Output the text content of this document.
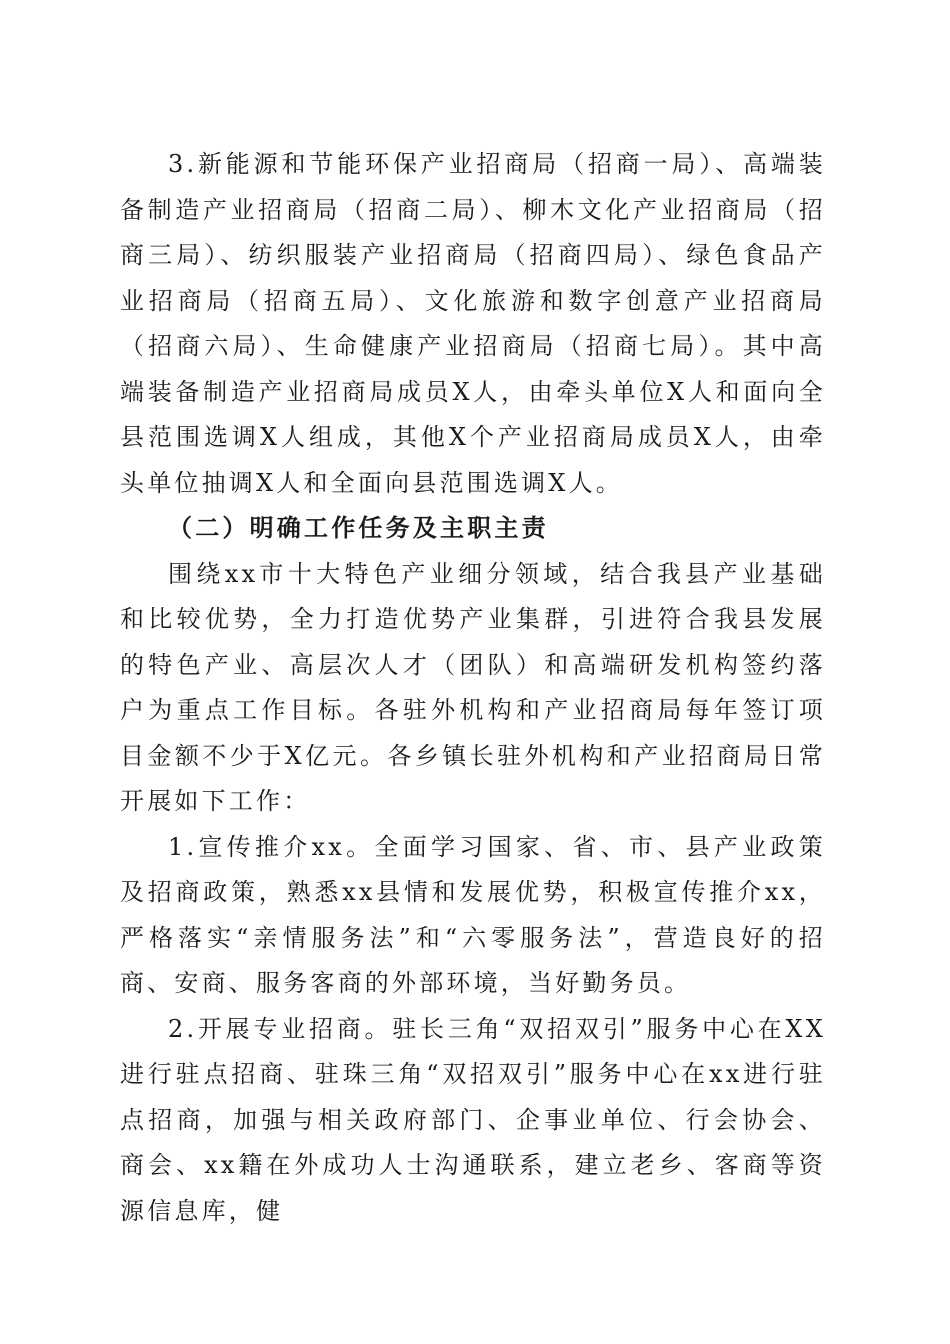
3.新能源和节能环保产业招商局（招商一局）、高端装备制造产业招商局（招商二局）、柳木文化产业招商局（招商三局）、纺织服装产业招商局（招商四局）、绿色食品产业招商局（招商五局）、文化旅游和数字创意产业招商局（招商六局）、生命健康产业招商局（招商七局）。其中高端装备制造产业招商局成员X人，由牵头单位X人和面向全县范围选调X人组成，其他X个产业招商局成员X人，由牵头单位抽调X人和全面向县范围选调X人。

（二）明确工作任务及主职主责

围绕xx市十大特色产业细分领域，结合我县产业基础和比较优势，全力打造优势产业集群，引进符合我县发展的特色产业、高层次人才（团队）和高端研发机构签约落户为重点工作目标。各驻外机构和产业招商局每年签订项目金额不少于X亿元。各乡镇长驻外机构和产业招商局日常开展如下工作：

1.宣传推介xx。全面学习国家、省、市、县产业政策及招商政策，熟悉xx县情和发展优势，积极宣传推介xx，严格落实“亲情服务法”和“六零服务法”，营造良好的招商、安商、服务客商的外部环境，当好勤务员。

2.开展专业招商。驻长三角“双招双引”服务中心在XX进行驻点招商、驻珠三角“双招双引”服务中心在xx进行驻点招商，加强与相关政府部门、企事业单位、行会协会、商会、xx籍在外成功人士沟通联系，建立老乡、客商等资源信息库，健
